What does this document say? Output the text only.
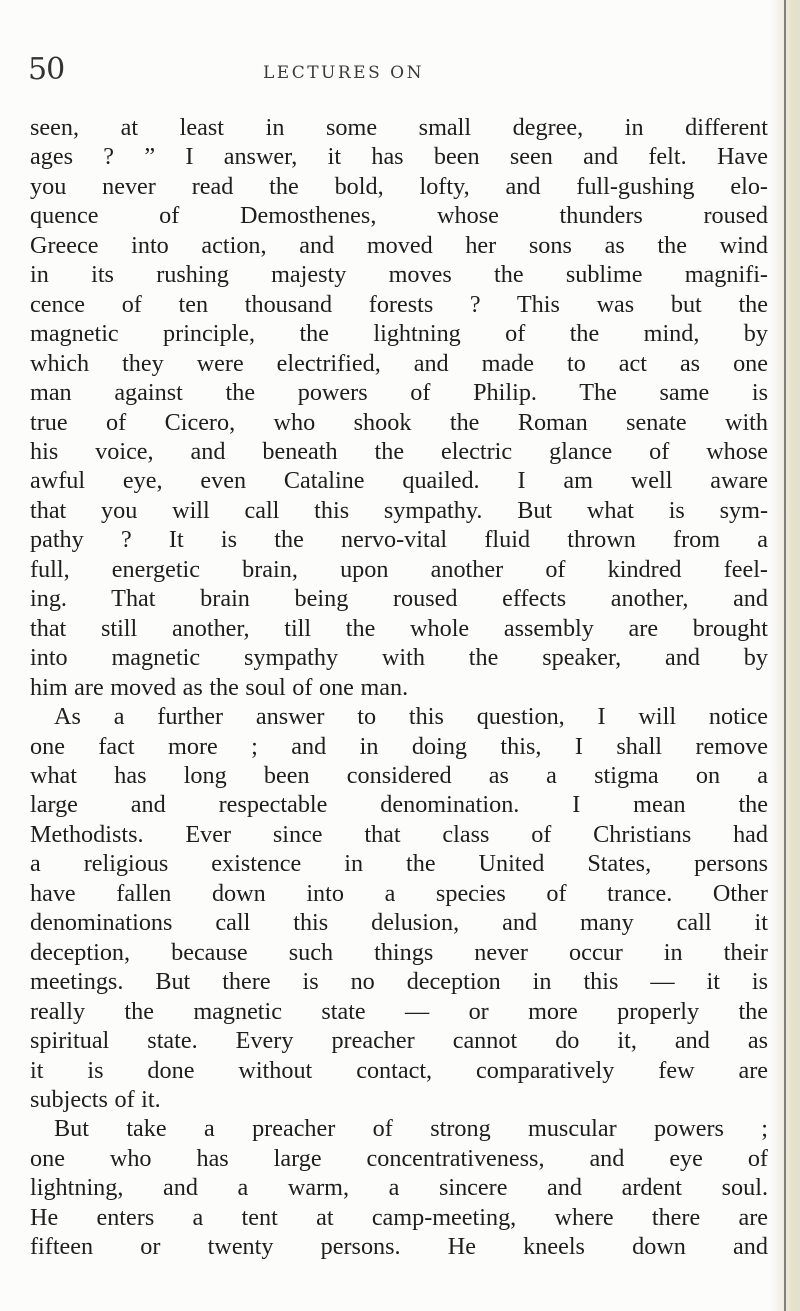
50	LECTURES ON
seen, at least in some small degree, in different
ages ? ” I answer, it has been seen and felt. Have
you never read the bold, lofty, and full-gushing elo-
quence of Demosthenes, whose thunders roused
Greece into action, and moved her sons as the wind
in its rushing majesty moves the sublime magnifi-
cence of ten thousand forests ? This was but the
magnetic principle, the lightning of the mind, by
which they were electrified, and made to act as one
man against the powers of Philip. The same is
true of Cicero, who shook the Roman senate with
his voice, and beneath the electric glance of whose
awful eye, even Cataline quailed. I am well aware
that you will call this sympathy. But what is sym-
pathy ? It is the nervo-vital fluid thrown from a
full, energetic brain, upon another of kindred feel-
ing. That brain being roused effects another, and
that still another, till the whole assembly are brought
into magnetic sympathy with the speaker, and by
him are moved as the soul of one man.
As a further answer to this question, I will notice
one fact more ; and in doing this, I shall remove
what has long been considered as a stigma on a
large and respectable denomination. I mean the
Methodists. Ever since that class of Christians had
a religious existence in the United States, persons
have fallen down into a species of trance. Other
denominations call this delusion, and many call it
deception, because such things never occur in their
meetings. But there is no deception in this — it is
really the magnetic state — or more properly the
spiritual state. Every preacher cannot do it, and as
it is done without contact, comparatively few are
subjects of it.
But take a preacher of strong muscular powers ;
one who has large concentrativeness, and eye of
lightning, and a warm, a sincere and ardent soul.
He enters a tent at camp-meeting, where there are
fifteen or twenty persons. He kneels down and
